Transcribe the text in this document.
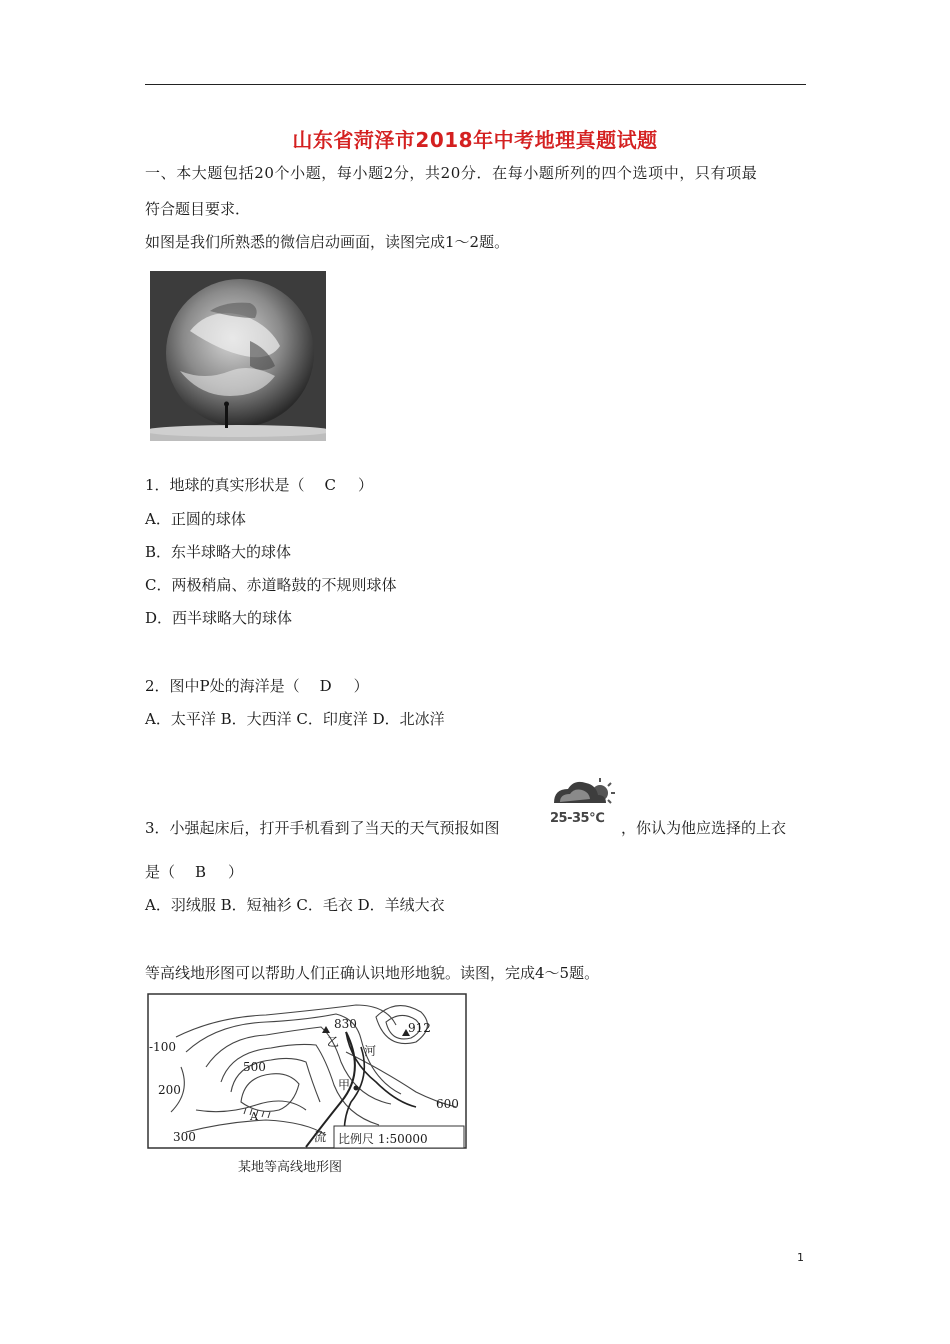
山东省菏泽市2018年中考地理真题试题
一、本大题包括20个小题，每小题2分，共20分．在每小题所列的四个选项中，只有项最
符合题目要求．
如图是我们所熟悉的微信启动画面，读图完成1～2题。
1．地球的真实形状是（ C ）
A．正圆的球体
B．东半球略大的球体
C．两极稍扁、赤道略鼓的不规则球体
D．西半球略大的球体
2．图中P处的海洋是（ D ）
A．太平洋 B．大西洋 C．印度洋 D．北冰洋
3．小强起床后，打开手机看到了当天的天气预报如图
25-35℃
，你认为他应选择的上衣
是（ B ）
A．羽绒服 B．短袖衫 C．毛衣 D．羊绒大衣
等高线地形图可以帮助人们正确认识地形地貌。读图，完成4～5题。
-100
200
300
500
600
830	912
乙
甲
河
流
A
比例尺 1:50000
某地等高线地形图
1
